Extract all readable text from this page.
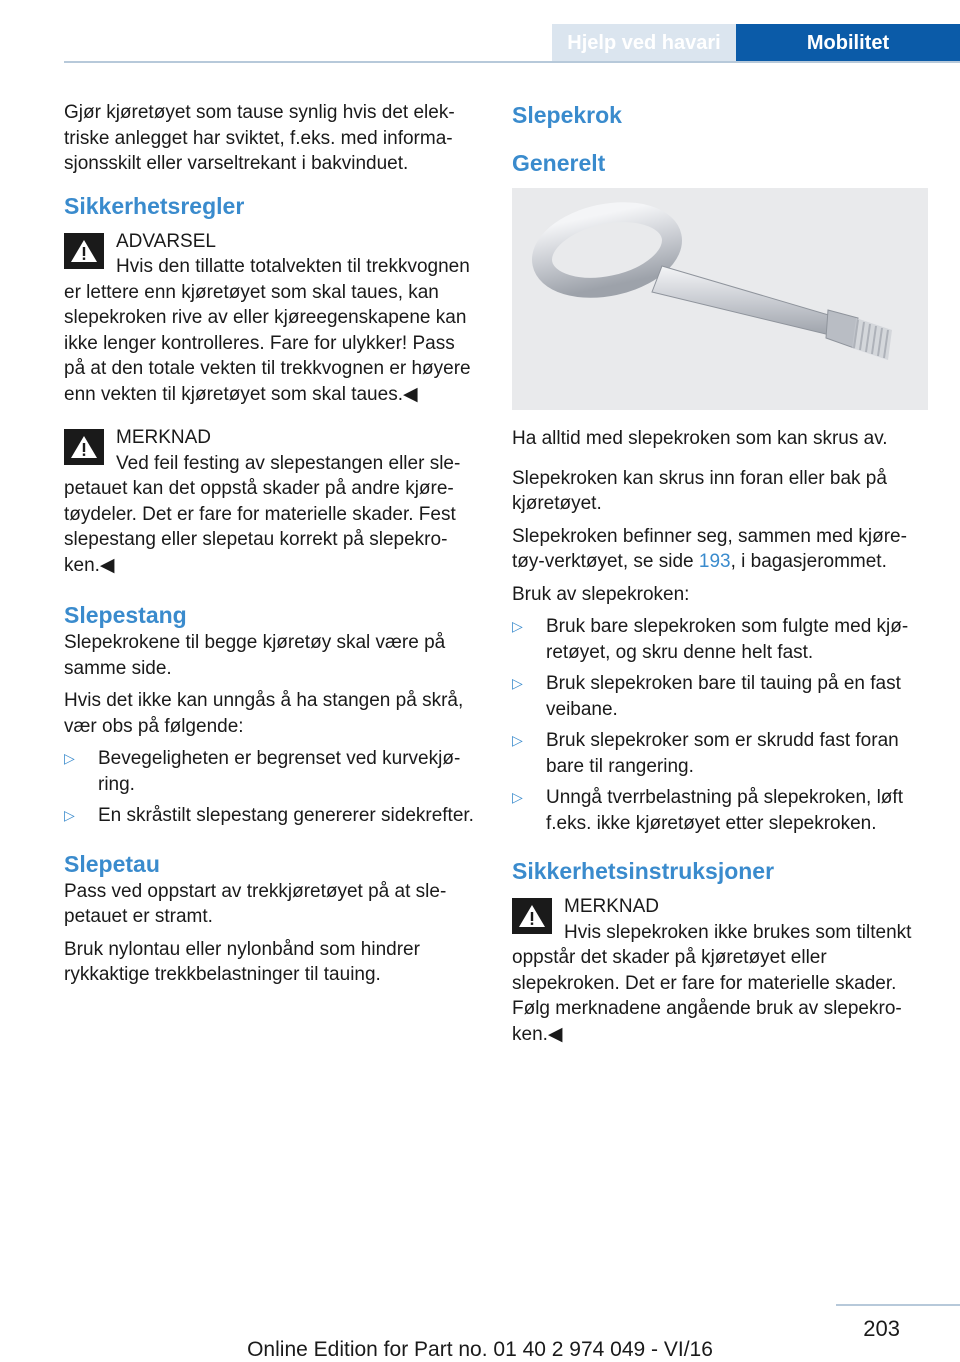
Hjelp ved havari	Mobilitet

Gjør kjøretøyet som tause synlig hvis det elektriske anlegget har sviktet, f.eks. med informasjonsskilt eller varseltrekant i bakvinduet.

Sikkerhetsregler
ADVARSEL
Hvis den tillatte totalvekten til trekkvognen er lettere enn kjøretøyet som skal taues, kan slepekroken rive av eller kjøreegenskapene kan ikke lenger kontrolleres. Fare for ulykker! Pass på at den totale vekten til trekkvognen er høyere enn vekten til kjøretøyet som skal taues.◀
MERKNAD
Ved feil festing av slepestangen eller slepetauet kan det oppstå skader på andre kjøretøydeler. Det er fare for materielle skader. Fest slepestang eller slepetau korrekt på slepekroken.◀
Slepestang

Slepekrokene til begge kjøretøy skal være på samme side.

Hvis det ikke kan unngås å ha stangen på skrå, vær obs på følgende:

▷ Bevegeligheten er begrenset ved kurvekjøring.
▷ En skråstilt slepestang genererer sidekrefter.
Slepetau

Pass ved oppstart av trekkjøretøyet på at slepetauet er stramt.

Bruk nylontau eller nylonbånd som hindrer rykkaktige trekkbelastninger til tauing.

Slepekrok
Generelt

Ha alltid med slepekroken som kan skrus av.

Slepekroken kan skrus inn foran eller bak på kjøretøyet.

Slepekroken befinner seg, sammen med kjøretøy-verktøyet, se side 193, i bagasjerommet.

Bruk av slepekroken:

▷ Bruk bare slepekroken som fulgte med kjøretøyet, og skru denne helt fast.
▷ Bruk slepekroken bare til tauing på en fast veibane.
▷ Bruk slepekroker som er skrudd fast foran bare til rangering.
▷ Unngå tverrbelastning på slepekroken, løft f.eks. ikke kjøretøyet etter slepekroken.
Sikkerhetsinstruksjoner
MERKNAD
Hvis slepekroken ikke brukes som tiltenkt oppstår det skader på kjøretøyet eller slepekroken. Det er fare for materielle skader. Følg merknadene angående bruk av slepekroken.◀
203
Online Edition for Part no. 01 40 2 974 049 - VI/16
